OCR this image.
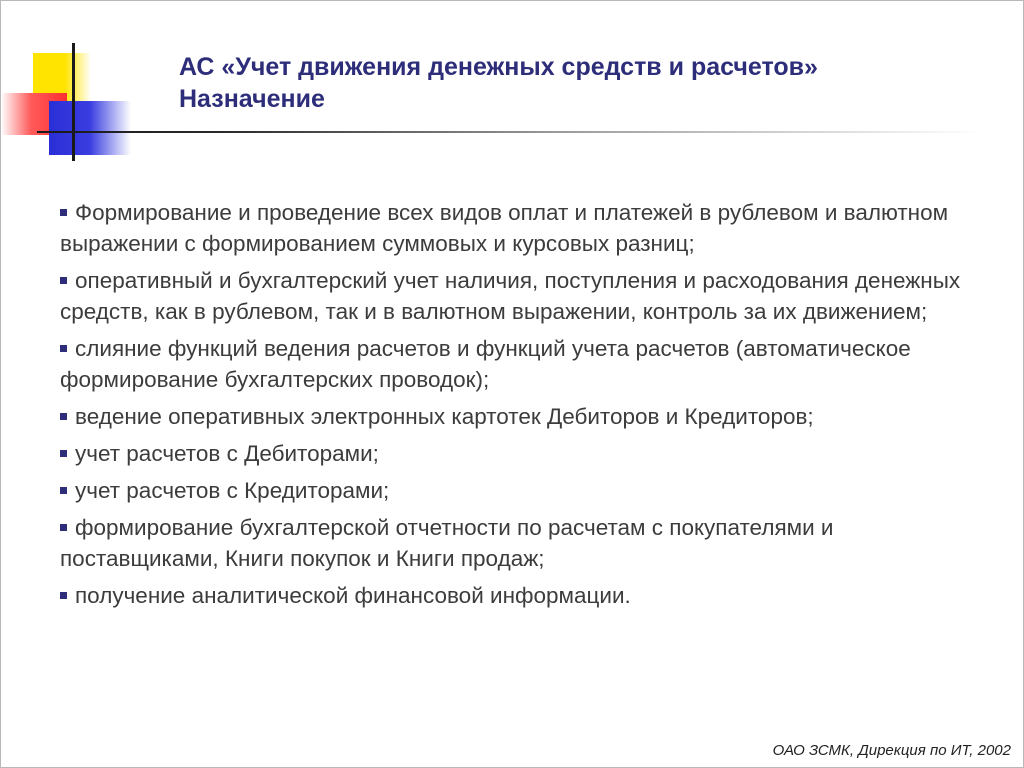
АС «Учет движения денежных средств и расчетов»
Назначение
Формирование и проведение всех видов оплат и платежей в рублевом и валютном выражении с формированием суммовых и курсовых разниц;
оперативный и бухгалтерский учет наличия, поступления и расходования денежных средств, как в рублевом, так и в валютном выражении, контроль за их движением;
слияние функций ведения расчетов и функций учета расчетов (автоматическое формирование бухгалтерских проводок);
ведение оперативных электронных картотек Дебиторов и Кредиторов;
учет расчетов с Дебиторами;
учет расчетов с Кредиторами;
формирование бухгалтерской отчетности по расчетам с покупателями и поставщиками, Книги покупок и Книги продаж;
получение аналитической финансовой информации.
ОАО ЗСМК, Дирекция по ИТ, 2002
